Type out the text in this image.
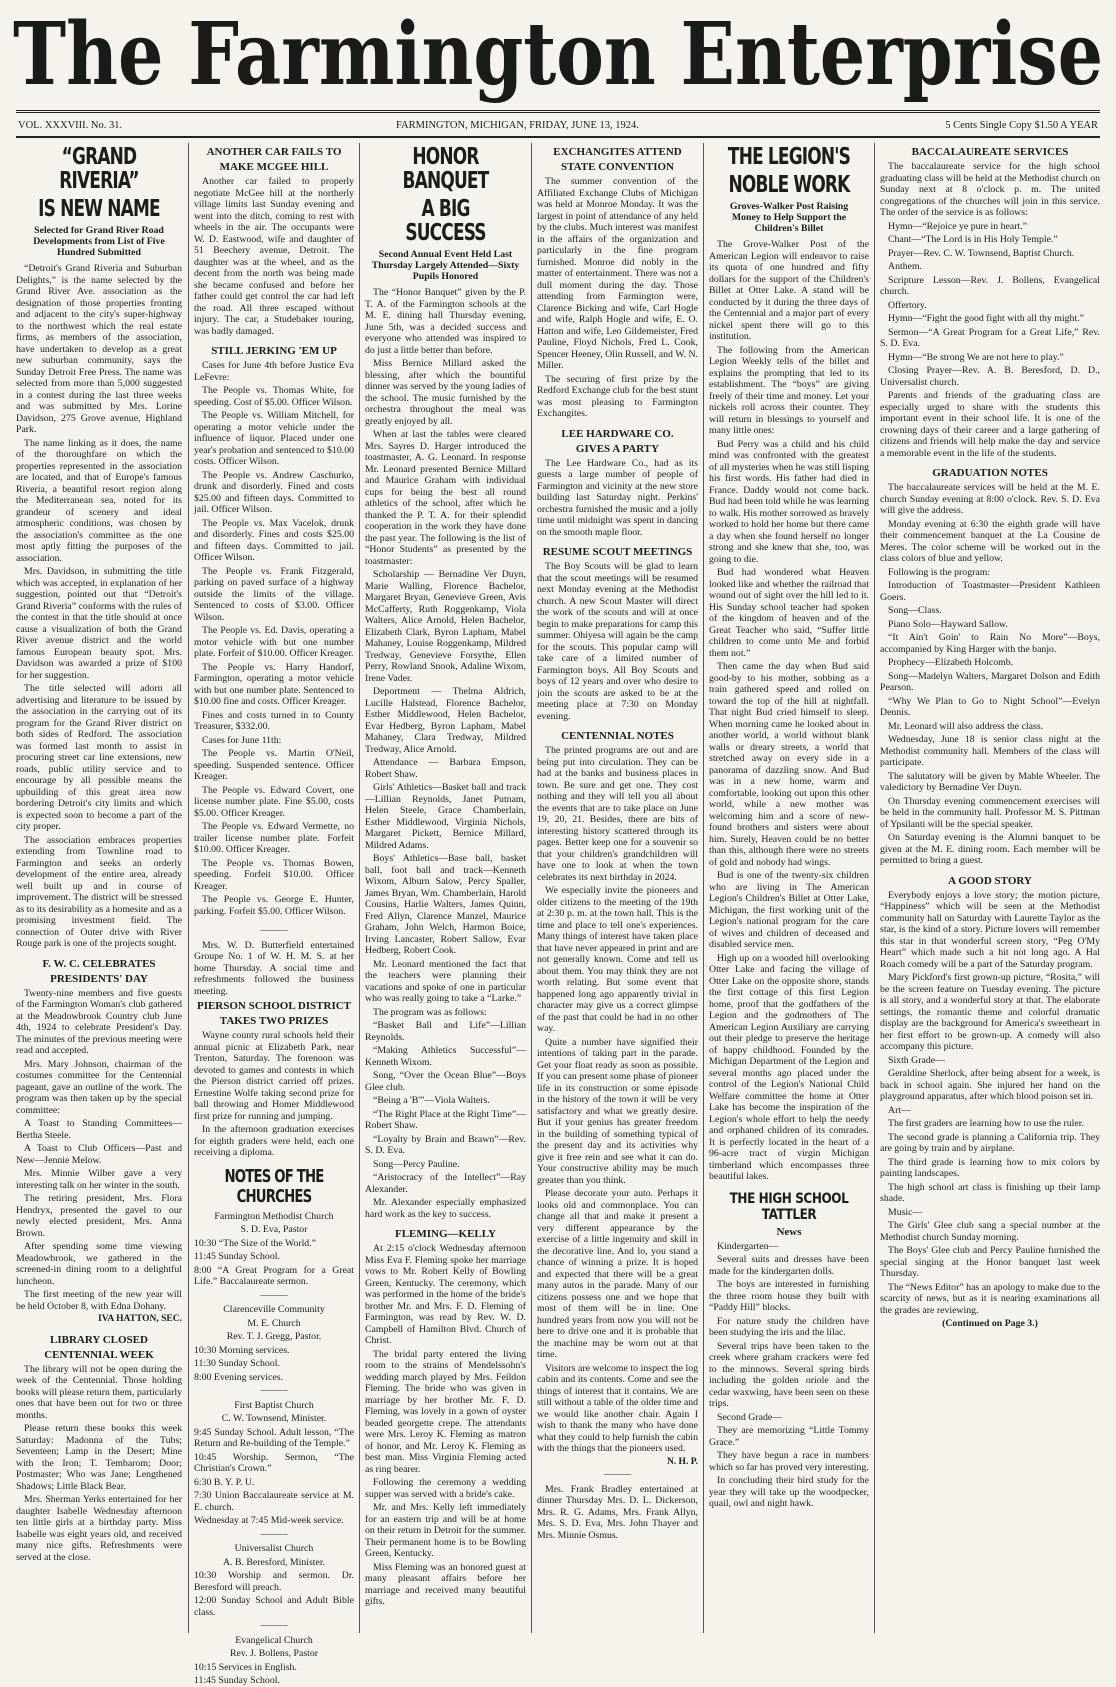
The Farmington Enterprise
VOL. XXXVIII. No. 31.	FARMINGTON, MICHIGAN, FRIDAY, JUNE 13, 1924.	5 Cents Single Copy $1.50 A YEAR
“GRAND RIVERIA”
IS NEW NAME
Selected for Grand River Road Developments from List of Five Hundred Submitted

“Detroit's Grand Riveria and Suburban Delights,” is the name selected by the Grand River Ave. association as the designation of those properties fronting and adjacent to the city's super-highway to the northwest which the real estate firms, as members of the association, have undertaken to develop as a great new suburban community, says the Sunday Detroit Free Press. The name was selected from more than 5,000 suggested in a contest during the last three weeks and was submitted by Mrs. Lorine Davidson, 275 Grove avenue, Highland Park.

The name linking as it does, the name of the thoroughfare on which the properties represented in the association are located, and that of Europe's famous Riveria, a beautiful resort region along the Mediterranean sea, noted for its grandeur of scenery and ideal atmospheric conditions, was chosen by the association's committee as the one most aptly fitting the purposes of the association.

Mrs. Davidson, in submitting the title which was accepted, in explanation of her suggestion, pointed out that “Detroit's Grand Riveria” conforms with the rules of the contest in that the title should at once cause a visualization of both the Grand River avenue district and the world famous European beauty spot. Mrs. Davidson was awarded a prize of $100 for her suggestion.

The title selected will adorn all advertising and literature to be issued by the association in the carrying out of its program for the Grand River district on both sides of Redford. The association was formed last month to assist in procuring street car line extensions, new roads, public utility service and to encourage by all possible means the upbuilding of this great area now bordering Detroit's city limits and which is expected soon to become a part of the city proper.

The association embraces properties extending from Townline road to Farmington and seeks an orderly development of the entire area, already well built up and in course of improvement. The district will be stressed as to its desirability as a homesite and as a promising investment field. The connection of Outer drive with River Rouge park is one of the projects sought.

F. W. C. CELEBRATES
PRESIDENTS' DAY

Twenty-nine members and five guests of the Farmington Woman's club gathered at the Meadowbrook Country club June 4th, 1924 to celebrate President's Day. The minutes of the previous meeting were read and accepted.

Mrs. Mary Johnson, chairman of the costumes committee for the Centennial pageant, gave an outline of the work. The program was then taken up by the special committee:

A Toast to Standing Committees—Bertha Steele.

A Toast to Club Officers—Past and New—Jennie Melow.

Mrs. Minnie Wilber gave a very interesting talk on her winter in the south.

The retiring president, Mrs. Flora Hendryx, presented the gavel to our newly elected president, Mrs. Anna Brown.

After spending some time viewing Meadowbrook, we gathered in the screened-in dining room to a delightful luncheon.

The first meeting of the new year will be held October 8, with Edna Dohany.

IVA HATTON, SEC.
LIBRARY CLOSED
CENTENNIAL WEEK

The library will not be open during the week of the Centennial. Those holding books will please return them, particularly ones that have been out for two or three months.

Please return these books this week Saturday: Madonna of the Tubs; Seventeen; Lamp in the Desert; Mine with the Iron; T. Tembarom; Door; Postmaster; Who was Jane; Lengthened Shadows; Little Black Bear.

Mrs. Sherman Yerks entertained for her daughter Isabelle Wednesday afternoon ten little girls at a birthday party. Miss Isabelle was eight years old, and received many nice gifts. Refreshments were served at the close.

ANOTHER CAR FAILS TO
MAKE MCGEE HILL

Another car failed to properly negotiate McGee hill at the northerly village limits last Sunday evening and went into the ditch, coming to rest with wheels in the air. The occupants were W. D. Eastwood, wife and daughter of 51 Beechery avenue, Detroit. The daughter was at the wheel, and as the decent from the north was being made she became confused and before her father could get control the car had left the road. All three escaped without injury. The car, a Studebaker touring, was badly damaged.

STILL JERKING 'EM UP

Cases for June 4th before Justice Eva LeFevre:

The People vs. Thomas White, for speeding. Cost of $5.00. Officer Wilson.

The People vs. William Mitchell, for operating a motor vehicle under the influence of liquor. Placed under one year's probation and sentenced to $10.00 costs. Officer Wilson.

The People vs. Andrew Caschurko, drunk and disorderly. Fined and costs $25.00 and fifteen days. Committed to jail. Officer Wilson.

The People vs. Max Vacelok, drunk and disorderly. Fines and costs $25.00 and fifteen days. Committed to jail. Officer Wilson.

The People vs. Frank Fitzgerald, parking on paved surface of a highway outside the limits of the village. Sentenced to costs of $3.00. Officer Wilson.

The People vs. Ed. Davis, operating a motor vehicle with but one number plate. Forfeit of $10.00. Officer Kreager.

The People vs. Harry Handorf, Farmington, operating a motor vehicle with but one number plate. Sentenced to $10.00 fine and costs. Officer Kreager.

Fines and costs turned in to County Treasurer, $332.00.

Cases for June 11th:

The People vs. Martin O'Neil, speeding. Suspended sentence. Officer Kreager.

The People vs. Edward Covert, one license number plate. Fine $5.00, costs $5.00. Officer Kreager.

The People vs. Edward Vermette, no trailer license number plate. Forfeit $10.00. Officer Kreager.

The People vs. Thomas Bowen, speeding. Forfeit $10.00. Officer Kreager.

The People vs. George E. Hunter, parking. Forfeit $5.00. Officer Wilson.

———

Mrs. W. D. Butterfield entertained Groupe No. 1 of W. H. M. S. at her home Thursday. A social time and refreshments followed the business meeting.

PIERSON SCHOOL DISTRICT
TAKES TWO PRIZES

Wayne county rural schools held their annual picnic at Elizabeth Park, near Trenton, Saturday. The forenoon was devoted to games and contests in which the Pierson district carried off prizes. Ernestine Wolfe taking second prize for ball throwing and Homer Middlewood first prize for running and jumping.

In the afternoon graduation exercises for eighth graders were held, each one receiving a diploma.

NOTES OF THE CHURCHES

Farmington Methodist Church

S. D. Eva, Pastor

10:30 “The Size of the World.”

11:45 Sunday School.

8:00 “A Great Program for a Great Life.” Baccalaureate sermon.

———

Clarenceville Community

M. E. Church

Rev. T. J. Gregg, Pastor.

10:30 Morning services.

11:30 Sunday School.

8:00 Evening services.

———

First Baptist Church

C. W. Townsend, Minister.

9:45 Sunday School. Adult lesson, “The Return and Re-building of the Temple.”

10:45 Worship. Sermon, “The Christian's Crown.”

6:30 B. Y. P. U.

7:30 Union Baccalaureate service at M. E. church.

Wednesday at 7:45 Mid-week service.

———

Universalist Church

A. B. Beresford, Minister.

10:30 Worship and sermon. Dr. Beresford will preach.

12:00 Sunday School and Adult Bible class.

———

Evangelical Church

Rev. J. Bollens, Pastor

10:15 Services in English.

11:45 Sunday School.

HONOR BANQUET
A BIG SUCCESS
Second Annual Event Held Last Thursday Largely Attended—Sixty Pupils Honored

The “Honor Banquet” given by the P. T. A. of the Farmington schools at the M. E. dining hall Thursday evening, June 5th, was a decided success and everyone who attended was inspired to do just a little better than before.

Miss Bernice Millard asked the blessing, after which the bountiful dinner was served by the young ladies of the school. The music furnished by the orchestra throughout the meal was greatly enjoyed by all.

When at last the tables were cleared Mrs. Sayres D. Harger introduced the toastmaster, A. G. Leonard. In response Mr. Leonard presented Bernice Millard and Maurice Graham with individual cups for being the best all round athletics of the school, after which he thanked the P. T. A. for their splendid cooperation in the work they have done the past year. The following is the list of “Honor Students” as presented by the toastmaster:

Scholarship — Bernadine Ver Duyn, Marie Walling, Florence Bachelor, Margaret Bryan, Genevieve Green, Avis McCafferty, Ruth Roggenkamp, Viola Walters, Alice Arnold, Helen Bachelor, Elizabeth Clark, Byron Lapham, Mabel Mahaney, Louise Roggenkamp, Mildred Tredway, Genevieve Forsythe, Ellen Perry, Rowland Snook, Adaline Wixom, Irene Vader.

Deportment — Thelma Aldrich, Lucille Halstead, Florence Bachelor, Esther Middlewood, Helen Bachelor, Evar Hedberg, Byron Lapham, Mabel Mahaney, Clara Tredway, Mildred Tredway, Alice Arnold.

Attendance — Barbara Empson, Robert Shaw.

Girls' Athletics—Basket ball and track—Lillian Reynolds, Janet Putnam, Helen Steele, Grace Chamberlain, Esther Middlewood, Virginia Nichols, Margaret Pickett, Bernice Millard, Mildred Adams.

Boys' Athletics—Base ball, basket ball, foot ball and track—Kenneth Wixom, Alburn Salow, Percy Spaller, James Bryan, Wm. Chamberlain, Harold Cousins, Harlie Walters, James Quinn, Fred Allyn, Clarence Manzel, Maurice Graham, John Welch, Harmon Boice, Irving Lancaster, Robert Sallow, Evar Hedberg, Robert Cook.

Mr. Leonard mentioned the fact that the teachers were planning their vacations and spoke of one in particular who was really going to take a “Larke.”

The program was as follows:

“Basket Ball and Life”—Lillian Reynolds.

“Making Athletics Successful”—Kenneth Wixom.

Song, “Over the Ocean Blue”—Boys Glee club.

“Being a 'B'”—Viola Walters.

“The Right Place at the Right Time”—Robert Shaw.

“Loyalty by Brain and Brawn”—Rev. S. D. Eva.

Song—Percy Pauline.

“Aristocracy of the Intellect”—Ray Alexander.

Mr. Alexander especially emphasized hard work as the key to success.

FLEMING—KELLY

At 2:15 o'clock Wednesday afternoon Miss Eva F. Fleming spoke her marriage vows to Mr. Robert Kelly of Bowling Green, Kentucky. The ceremony, which was performed in the home of the bride's brother Mr. and Mrs. F. D. Fleming of Farmington, was read by Rev. W. D. Campbell of Hamilton Blvd. Church of Christ.

The bridal party entered the living room to the strains of Mendelssohn's wedding march played by Mrs. Feildon Fleming. The bride who was given in marriage by her brother Mr. F. D. Fleming, was lovely in a gown of oyster beaded georgette crepe. The attendants were Mrs. Leroy K. Fleming as matron of honor, and Mr. Leroy K. Fleming as best man. Miss Virginia Fleming acted as ring bearer.

Following the ceremony a wedding supper was served with a bride's cake.

Mr. and Mrs. Kelly left immediately for an eastern trip and will be at home on their return in Detroit for the summer. Their permanent home is to be Bowling Green, Kentucky.

Miss Fleming was an honored guest at many pleasant affairs before her marriage and received many beautiful gifts.

EXCHANGITES ATTEND
STATE CONVENTION

The summer convention of the Affiliated Exchange Clubs of Michigan was held at Monroe Monday. It was the largest in point of attendance of any held by the clubs. Much interest was manifest in the affairs of the organization and particularly in the fine program furnished. Monroe did nobly in the matter of entertainment. There was not a dull moment during the day. Those attending from Farmington were, Clarence Bicking and wife, Carl Hogle and wife, Ralph Hogle and wife, E. O. Hatton and wife, Leo Gildemeister, Fred Pauline, Floyd Nichols, Fred L. Cook, Spencer Heeney, Olin Russell, and W. N. Miller.

The securing of first prize by the Redford Exchange club for the best stunt was most pleasing to Farmington Exchangites.

LEE HARDWARE CO.
GIVES A PARTY

The Lee Hardware Co., had as its guests a large number of people of Farmington and vicinity at the new store building last Saturday night. Perkins' orchestra furnished the music and a jolly time until midnight was spent in dancing on the smooth maple floor.

RESUME SCOUT MEETINGS

The Boy Scouts will be glad to learn that the scout meetings will be resumed next Monday evening at the Methodist church. A new Scout Master will direct the work of the scouts and will at once begin to make preparations for camp this summer. Ohiyesa will again be the camp for the scouts. This popular camp will take care of a limited number of Farmington boys. All Boy Scouts and boys of 12 years and over who desire to join the scouts are asked to be at the meeting place at 7:30 on Monday evening.

CENTENNIAL NOTES

The printed programs are out and are being put into circulation. They can be had at the banks and business places in town. Be sure and get one. They cost nothing and they will tell you all about the events that are to take place on June 19, 20, 21. Besides, there are bits of interesting history scattered through its pages. Better keep one for a souvenir so that your children's grandchildren will have one to look at when the town celebrates its next birthday in 2024.

We especially invite the pioneers and older citizens to the meeting of the 19th at 2:30 p. m. at the town hall. This is the time and place to tell one's experiences. Many things of interest have taken place that have never appeared in print and are not generally known. Come and tell us about them. You may think they are not worth relating. But some event that happened long ago apparently trivial in character may give us a correct glimpse of the past that could be had in no other way.

Quite a number have signified their intentions of taking part in the parade. Get your float ready as soon as possible. If you can present some phase of pioneer life in its construction or some episode in the history of the town it will be very satisfactory and what we greatly desire. But if your genius has greater freedom in the building of something typical of the present day and its activities why give it free rein and see what it can do. Your constructive ability may be much greater than you think.

Please decorate your auto. Perhaps it looks old and commonplace. You can change all that and make it present a very different appearance by the exercise of a little ingenuity and skill in the decorative line. And lo, you stand a chance of winning a prize. It is hoped and expected that there will be a great many autos in the parade. Many of our citizens possess one and we hope that most of them will be in line. One hundred years from now you will not be here to drive one and it is probable that the machine may be worn out at that time.

Visitors are welcome to inspect the log cabin and its contents. Come and see the things of interest that it contains. We are still without a table of the older time and we would like another chair. Again I wish to thank the many who have done what they could to help furnish the cabin with the things that the pioneers used.

N. H. P.
———

Mrs. Frank Bradley entertained at dinner Thursday Mrs. D. L. Dickerson, Mrs. R. G. Adams, Mrs. Frank Allyn, Mrs. S. D. Eva, Mrs. John Thayer and Mrs. Minnie Osmus.

THE LEGION'S
NOBLE WORK
Groves-Walker Post Raising Money to Help Support the Children's Billet

The Grove-Walker Post of the American Legion will endeavor to raise its quota of one hundred and fifty dollars for the support of the Children's Billet at Otter Lake. A stand will be conducted by it during the three days of the Centennial and a major part of every nickel spent there will go to this institution.

The following from the American Legion Weekly tells of the billet and explains the prompting that led to its establishment. The “boys” are giving freely of their time and money. Let your nickels roll across their counter. They will return in blessings to yourself and many little ones:

Bud Perry was a child and his child mind was confronted with the greatest of all mysteries when he was still lisping his first words. His father had died in France. Daddy would not come back. Bud had been told while he was learning to walk. His mother sorrowed as bravely worked to hold her home but there came a day when she found herself no longer strong and she knew that she, too, was going to die.

Bud had wondered what Heaven looked like and whether the railroad that wound out of sight over the hill led to it. His Sunday school teacher had spoken of the kingdom of heaven and of the Great Teacher who said, “Suffer little children to come unto Me and forbid them not.”

Then came the day when Bud said good-by to his mother, sobbing as a train gathered speed and rolled on toward the top of the hill at nightfall. That night Bud cried himself to sleep. When morning came he looked about in another world, a world without blank walls or dreary streets, a world that stretched away on every side in a panorama of dazzling snow. And Bud was in a new home, warm and comfortable, looking out upon this other world, while a new mother was welcoming him and a score of new-found brothers and sisters were about him. Surely, Heaven could be no better than this, although there were no streets of gold and nobody had wings.

Bud is one of the twenty-six children who are living in The American Legion's Children's Billet at Otter Lake, Michigan, the first working unit of the Legion's national program for the care of wives and children of deceased and disabled service men.

High up on a wooded hill overlooking Otter Lake and facing the village of Otter Lake on the opposite shore, stands the first cottage of this first Legion home, proof that the godfathers of the Legion and the godmothers of The American Legion Auxiliary are carrying out their pledge to preserve the heritage of happy childhood. Founded by the Michigan Department of the Legion and several months ago placed under the control of the Legion's National Child Welfare committee the home at Otter Lake has become the inspiration of the Legion's whole effort to help the needy and orphaned children of its comrades. It is perfectly located in the heart of a 96-acre tract of virgin Michigan timberland which encompasses three beautiful lakes.

THE HIGH SCHOOL TATTLER
News

Kindergarten—

Several suits and dresses have been made for the kindergarten dolls.

The boys are interested in furnishing the three room house they built with “Paddy Hill” blocks.

For nature study the children have been studying the iris and the lilac.

Several trips have been taken to the creek where graham crackers were fed to the minnows. Several spring birds including the golden oriole and the cedar waxwing, have been seen on these trips.

Second Grade—

They are memorizing “Little Tommy Grace.”

They have begun a race in numbers which so far has proved very interesting.

In concluding their bird study for the year they will take up the woodpecker, quail, owl and night hawk.

BACCALAUREATE SERVICES

The baccalaureate service for the high school graduating class will be held at the Methodist church on Sunday next at 8 o'clock p. m. The united congregations of the churches will join in this service. The order of the service is as follows:

Hymn—“Rejoice ye pure in heart.”

Chant—“The Lord is in His Holy Temple.”

Prayer—Rev. C. W. Townsend, Baptist Church.

Anthem.

Scripture Lesson—Rev. J. Bollens, Evangelical church.

Offertory.

Hymn—“Fight the good fight with all thy might.”

Sermon—“A Great Program for a Great Life,” Rev. S. D. Eva.

Hymn—“Be strong We are not here to play.”

Closing Prayer—Rev. A. B. Beresford, D. D., Universalist church.

Parents and friends of the graduating class are especially urged to share with the students this important event in their school life. It is one of the crowning days of their career and a large gathering of citizens and friends will help make the day and service a memorable event in the life of the students.

GRADUATION NOTES

The baccalaureate services will be held at the M. E. church Sunday evening at 8:00 o'clock. Rev. S. D. Eva will give the address.

Monday evening at 6:30 the eighth grade will have their commencement banquet at the La Cousine de Meres. The color scheme will be worked out in the class colors of blue and yellow.

Following is the program:

Introduction of Toastmaster—President Kathleen Goers.

Song—Class.

Piano Solo—Hayward Sallow.

“It Ain't Goin' to Rain No More”—Boys, accompanied by King Harger with the banjo.

Prophecy—Elizabeth Holcomb.

Song—Madelyn Walters, Margaret Dolson and Edith Pearson.

“Why We Plan to Go to Night School”—Evelyn Dennis.

Mr. Leonard will also address the class.

Wednesday, June 18 is senior class night at the Methodist community hall. Members of the class will participate.

The salutatory will be given by Mable Wheeler. The valedictory by Bernadine Ver Duyn.

On Thursday evening commencement exercises will be held in the community hall. Professor M. S. Pittman of Ypsilanti will be the special speaker.

On Saturday evening is the Alumni banquet to be given at the M. E. dining room. Each member will be permitted to bring a guest.

A GOOD STORY

Everybody enjoys a love story; the motion picture, “Happiness” which will be seen at the Methodist community hall on Saturday with Laurette Taylor as the star, is the kind of a story. Picture lovers will remember this star in that wonderful screen story, “Peg O'My Heart” which made such a hit not long ago. A Hal Roach comedy will be a part of the Saturday program.

Mary Pickford's first grown-up picture, “Rosita,” will be the screen feature on Tuesday evening. The picture is all story, and a wonderful story at that. The elaborate settings, the romantic theme and colorful dramatic display are the background for America's sweetheart in her first effort to be grown-up. A comedy will also accompany this picture.

Sixth Grade—

Geraldine Sherlock, after being absent for a week, is back in school again. She injured her hand on the playground apparatus, after which blood poison set in.

Art—

The first graders are learning how to use the ruler.

The second grade is planning a California trip. They are going by train and by airplane.

The third grade is learning how to mix colors by painting landscapes.

The high school art class is finishing up their lamp shade.

Music—

The Girls' Glee club sang a special number at the Methodist church Sunday morning.

The Boys' Glee club and Percy Pauline furnished the special singing at the Honor banquet last week Thursday.

The “News Editor” has an apology to make due to the scarcity of news, but as it is nearing examinations all the grades are reviewing.

(Continued on Page 3.)
